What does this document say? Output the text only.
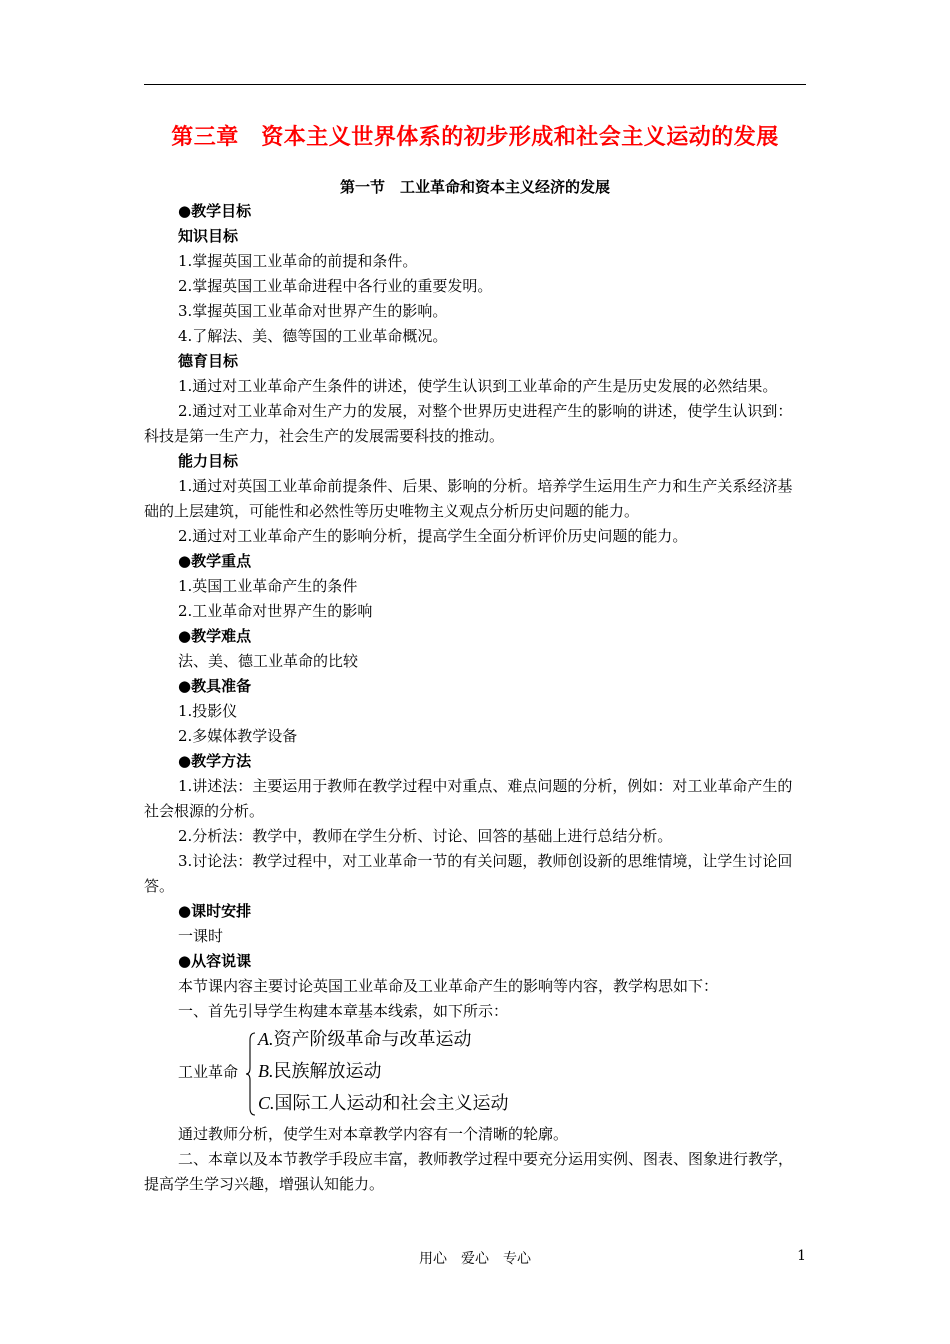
第三章　资本主义世界体系的初步形成和社会主义运动的发展
第一节　工业革命和资本主义经济的发展

●教学目标

知识目标

1.掌握英国工业革命的前提和条件。

2.掌握英国工业革命进程中各行业的重要发明。

3.掌握英国工业革命对世界产生的影响。

4.了解法、美、德等国的工业革命概况。

德育目标

1.通过对工业革命产生条件的讲述，使学生认识到工业革命的产生是历史发展的必然结果。

2.通过对工业革命对生产力的发展，对整个世界历史进程产生的影响的讲述，使学生认识到：科技是第一生产力，社会生产的发展需要科技的推动。

能力目标

1.通过对英国工业革命前提条件、后果、影响的分析。培养学生运用生产力和生产关系经济基础的上层建筑，可能性和必然性等历史唯物主义观点分析历史问题的能力。

2.通过对工业革命产生的影响分析，提高学生全面分析评价历史问题的能力。

●教学重点

1.英国工业革命产生的条件

2.工业革命对世界产生的影响

●教学难点

法、美、德工业革命的比较

●教具准备

1.投影仪

2.多媒体教学设备

●教学方法

1.讲述法：主要运用于教师在教学过程中对重点、难点问题的分析，例如：对工业革命产生的社会根源的分析。

2.分析法：教学中，教师在学生分析、讨论、回答的基础上进行总结分析。

3.讨论法：教学过程中，对工业革命一节的有关问题，教师创设新的思维情境，让学生讨论回答。

●课时安排

一课时

●从容说课

本节课内容主要讨论英国工业革命及工业革命产生的影响等内容，教学构思如下：

一、首先引导学生构建本章基本线索，如下所示：

工业革命
A.资产阶级革命与改革运动
B.民族解放运动
C.国际工人运动和社会主义运动

通过教师分析，使学生对本章教学内容有一个清晰的轮廓。

二、本章以及本节教学手段应丰富，教师教学过程中要充分运用实例、图表、图象进行教学，提高学生学习兴趣，增强认知能力。

用心　爱心　专心	1
